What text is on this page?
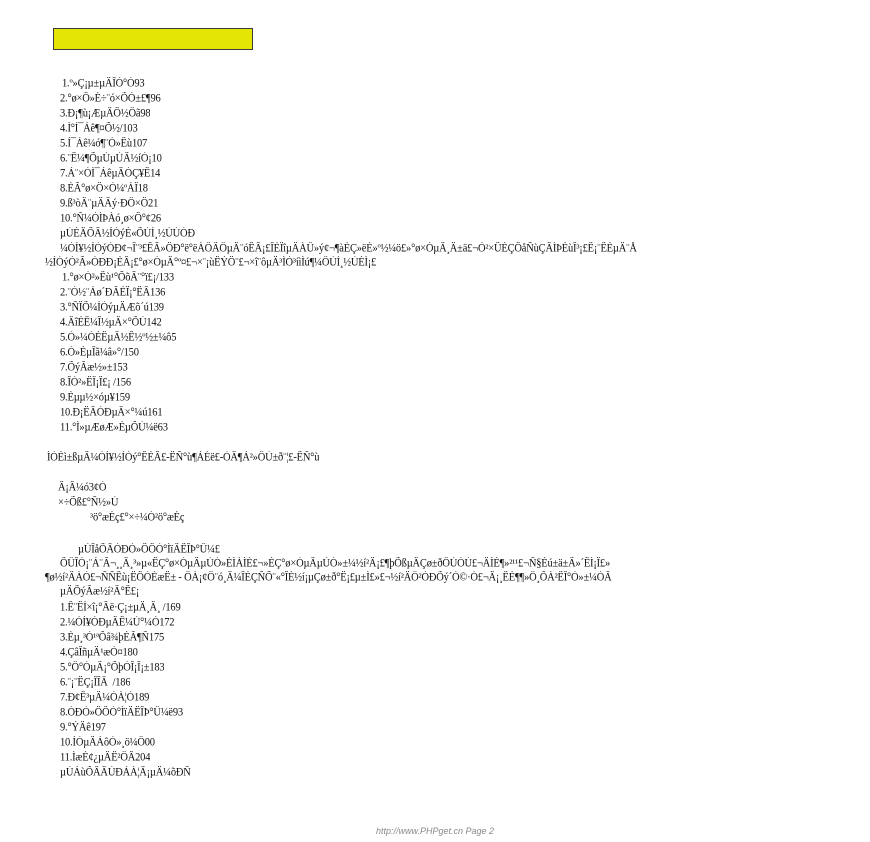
1.º»Ç¡µ±µÄÎÒ°Ó93
2.°ø×Ö»É÷¨ó×ÕÓ±£¶96
3.Ð¡¶ù¡ÆµÄÖ½Ôã98
4.Ì°Í¯Áê¶¤Õ½/103
5.Í¯Áê¼ó¶¨Ò»Ëù107
6.¨Ë¼¶ÕµÚµÚÄ½íÒ¡10
7.Á¨×ÒÌ¯ÁêµÄÓÇ¥Ë14
8.ÈÃ°ø×Ö×Ó¼ºÁÏ18
9.ß³òÄ¨µÄÂý·ÐÔ×Ö21
10.°Ñ¼ÒÌÞÀó¸ø×Ö°¢26
µÚÈÄÕÂ½ÍÓýÈ«ÕÙÍ¸½ÚÚÓÐ
¼ÒÍ¥½ÍÓýÒÐ¢¬Î¨³£ÊÃ»ÖÐ°ë°ëÀÔÄÔµÄ¨óÊÂ¡£ÎÈÏîµÄÀÛ»ý¢¬¶àÈÇ»ëÈ»º½¼ö£»°ø×ÓµÄ¸Ä±ä£¬Ò²×ÜÈÇÖåÑùÇÂÌÞÈùÎ³¡£Ë¡¨ËÈµÄ¨Å
½ÍÓýÒ²Ã»ÓÐÐ¡ÈÂ¡£°ø×ÓµÄ°º¤£¬×¨¡ùËÝÖ¨£¬×î¨ôµÄ³ÌÒ³íìÌú¶¼ÔÚÍ¸½ÚÉÌ¡£
1.°ø×Ó²»Ëù¹°ÕõÃ¨°ï£¡/133
2.¨Ó½¨Áø´ÐÃÈÏ¡°ËÂ136
3.°ÑÏÕ¼ÍÓýµÄÆõ´ú139
4.ÄîÈË¼Î½µÄ×°ÕÚ142
5.Ó»¼ÓÈËµÄ½Ê½º½±¼ô5
6.Ó»ÈµÎã¼â»°/150
7.ÕýÃæ½»±153
8.ÎÒ²»ËÏ¡Ï£¡ /156
9.Èµµ½×óµ¥159
10.Ð¡ËÂÒÐµÄ×°¼ú161
11.°Ì»µÆøÆ»ÈµÕÙ¼ë63
ÌÒÈì±ßµÄ¼ÒÍ¥½ÍÓý°ÊÈÂ£-ËÑ°ù¶ÁÉë£-ÒÄ¶Á²»ÔÚ±ð¨¦£-ËÑ°ù
Ä¡Â¼ó3¢Ó
×÷Õß£°Ñ½»Ú
³ö°æÉç£°×÷¼Ó²ö°æÉç
µÚÎåÕÂÓÐÒ»ÖÖÒ°ÌïÄËÎÞ°Û¼£
ÕÛÎÒ¡¨Á¨Ã¬¸¸Ä¸³»µ«ËÇ°ø×ÓµÄµÚÓ»ÈÌÀÌÈ£¬»ÈÇ°ø×ÓµÄµÚÓ»±¼½í²Ä¡£¶þÕßµÄÇø±ðÔÚÓÚ£¬ÄÌÈ¶»²¹¹£¬Ñ§Èú±ä±Ä»´ËÌ¡Ï£»
¶ø½í²ÄÀÒ£¬ÑÑÊù¡ËÖÒÈæË± - ÔÀ¡¢Ô¨ó¸Ä¼ÎÈÇÑÕ¨«°ÎÈ½í¡µÇø±ð°Ë¡£µ±Ì£»£¬½í²ÄÔ²ÒÐÕý´Ó©·Ó£¬Ä¡¸ËÈ¶¶»Ô¸ÕÀ²ËÎ°Ò»±¼ÓÃ
µÄÕýÃæ½í²Ä°Ë£¡
1.Ê¨ËÍ×î¡°Âë·Ç¡±µÄ¸Ä¸ /169
2.¼ÒÍ¥ÓÐµÄË¼Ú°¼Ó172
3.Èµ¸³Ò¹ªÕâ¾þÈÃ¶Ñ175
4.ÇâÎñµÄ¹æÒ¤180
5.°Ô°ÓµÄ¡°ÕþÓÎ¡Î¡±183
6.¨¡¨ËÇ¡ÎÎÄ  /186
7.Ð¢Ë³µÄ¼ÓÀ¦Ó189
8.ÓÐÒ»ÖÖÒ°ÌïÄËÎÞ°Û¼ë93
9.°ÝÄê197
10.ÍÒµÄÁôÒ»¸ö¼Ô00
11.ÌæÈ¢¿µÄË²ÔÂ204
µÚÁùÕÂÄÚÐÁÀ¦Ä¡µÄ¼õÐÑ
http://www.PHPget.cn Page 2
